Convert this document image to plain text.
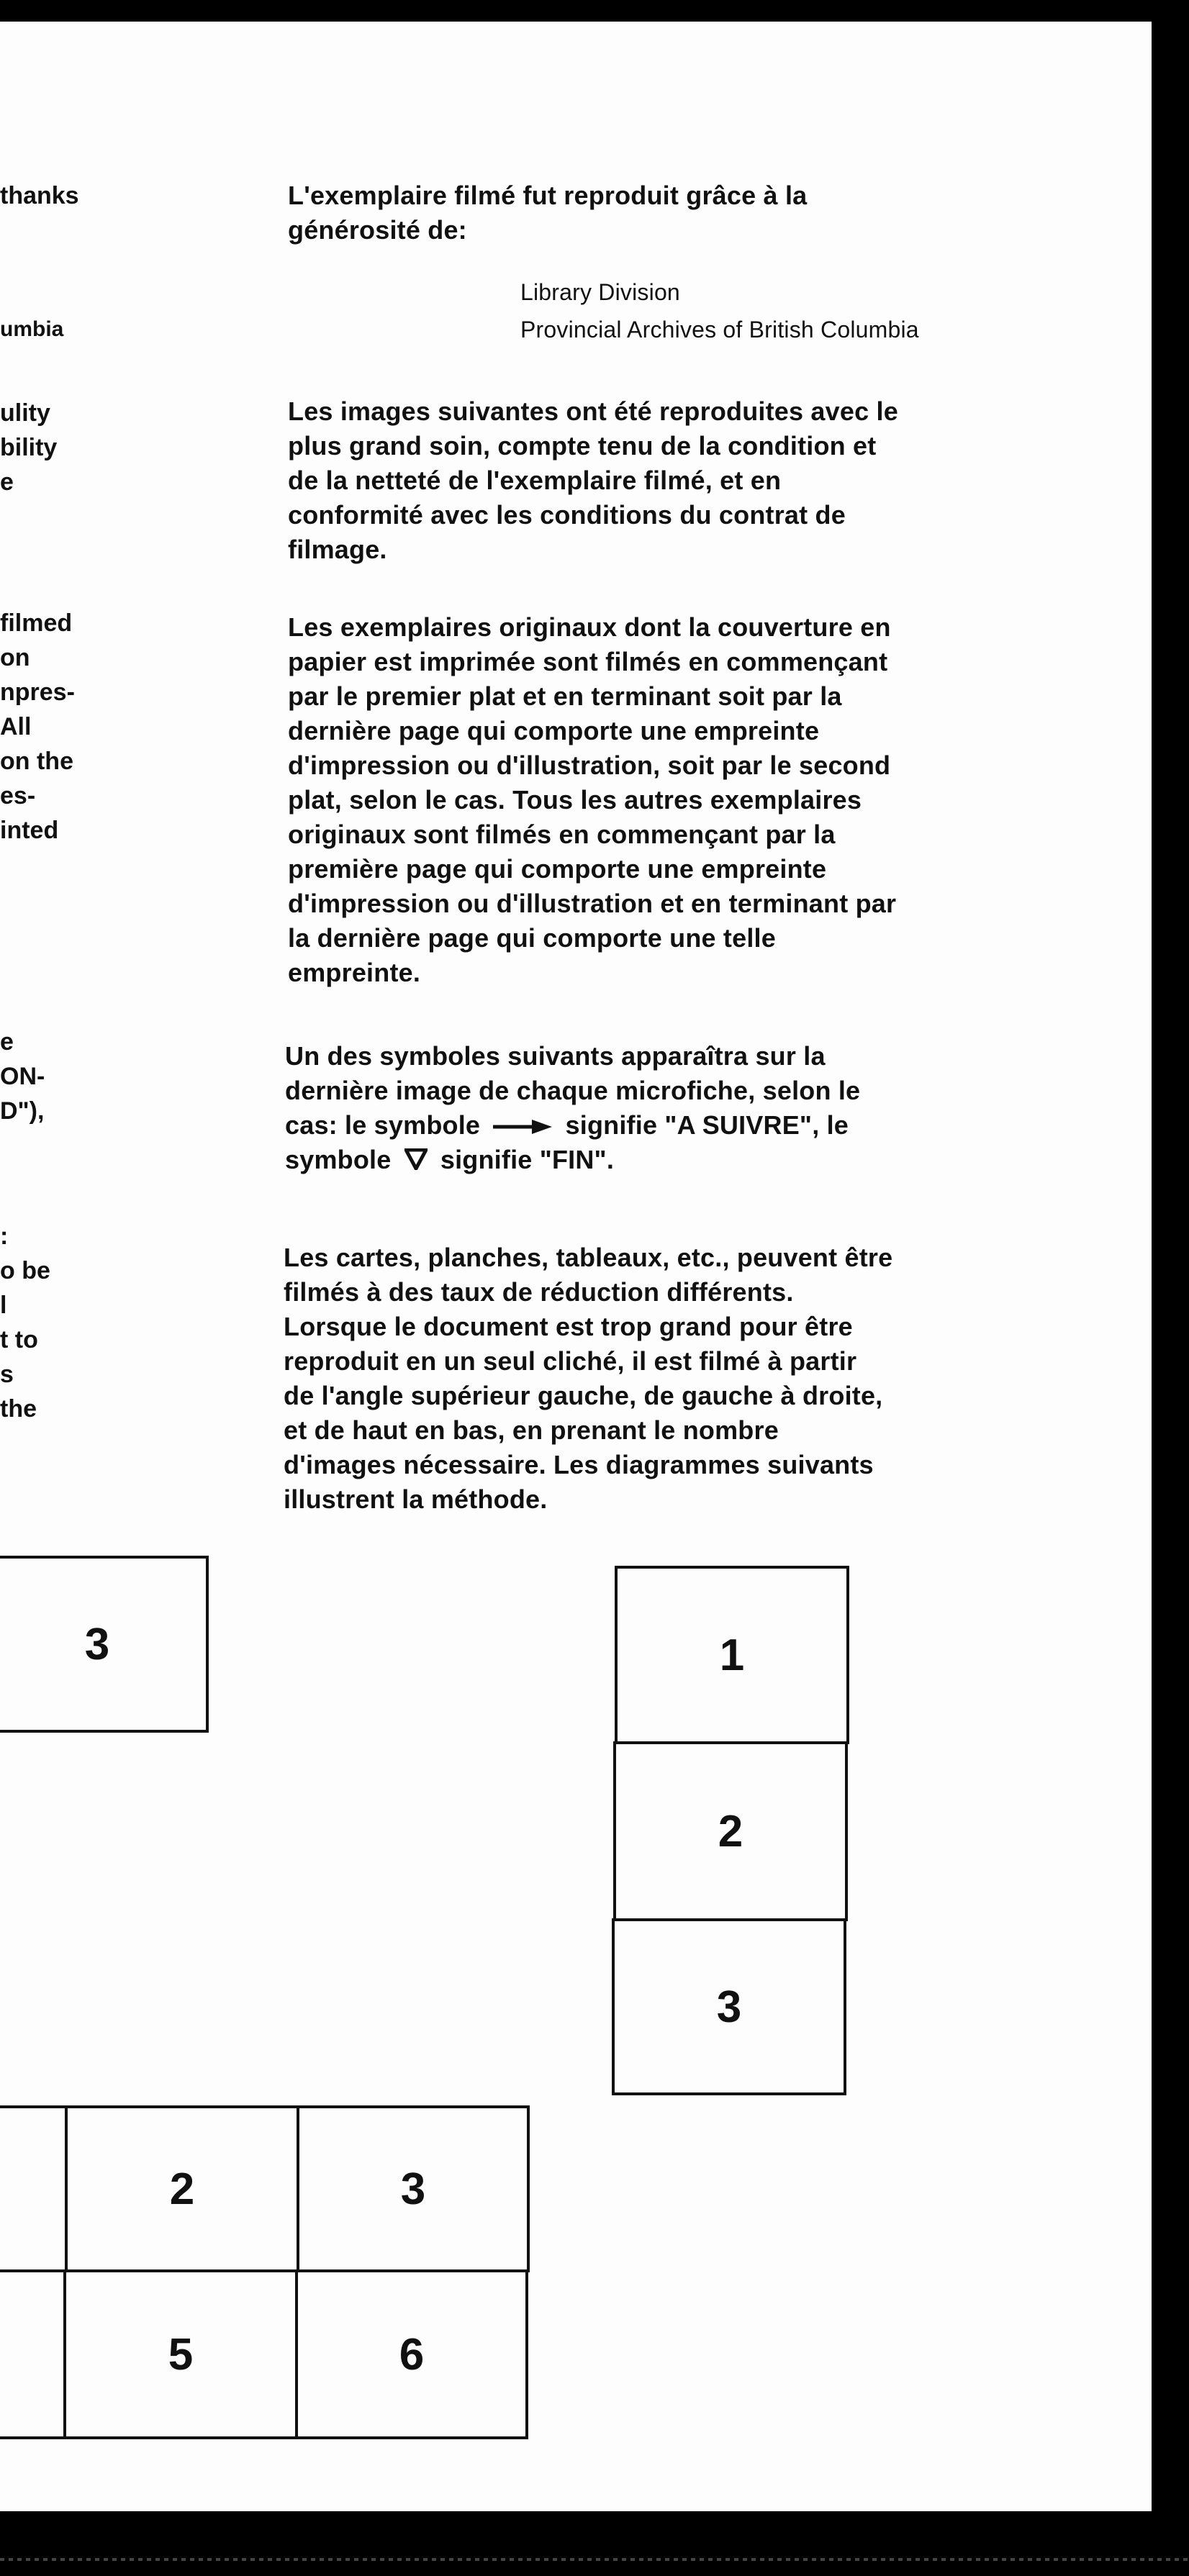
thanks
umbia
ulity
bility
e
filmed
on
npres-
All
on the
es-
inted
e
ON-
D"),
:
o be
l
t to
s
the
L'exemplaire filmé fut reproduit grâce à la
générosité de:
Library Division
Provincial Archives of British Columbia
Les images suivantes ont été reproduites avec le
plus grand soin, compte tenu de la condition et
de la netteté de l'exemplaire filmé, et en
conformité avec les conditions du contrat de
filmage.
Les exemplaires originaux dont la couverture en
papier est imprimée sont filmés en commençant
par le premier plat et en terminant soit par la
dernière page qui comporte une empreinte
d'impression ou d'illustration, soit par le second
plat, selon le cas. Tous les autres exemplaires
originaux sont filmés en commençant par la
première page qui comporte une empreinte
d'impression ou d'illustration et en terminant par
la dernière page qui comporte une telle
empreinte.
Un des symboles suivants apparaîtra sur la
dernière image de chaque microfiche, selon le
cas: le symbole	signifie "A SUIVRE", le
symbole signifie "FIN".
Les cartes, planches, tableaux, etc., peuvent être
filmés à des taux de réduction différents.
Lorsque le document est trop grand pour être
reproduit en un seul cliché, il est filmé à partir
de l'angle supérieur gauche, de gauche à droite,
et de haut en bas, en prenant le nombre
d'images nécessaire. Les diagrammes suivants
illustrent la méthode.
3	1
2
3
2	3
5	6
